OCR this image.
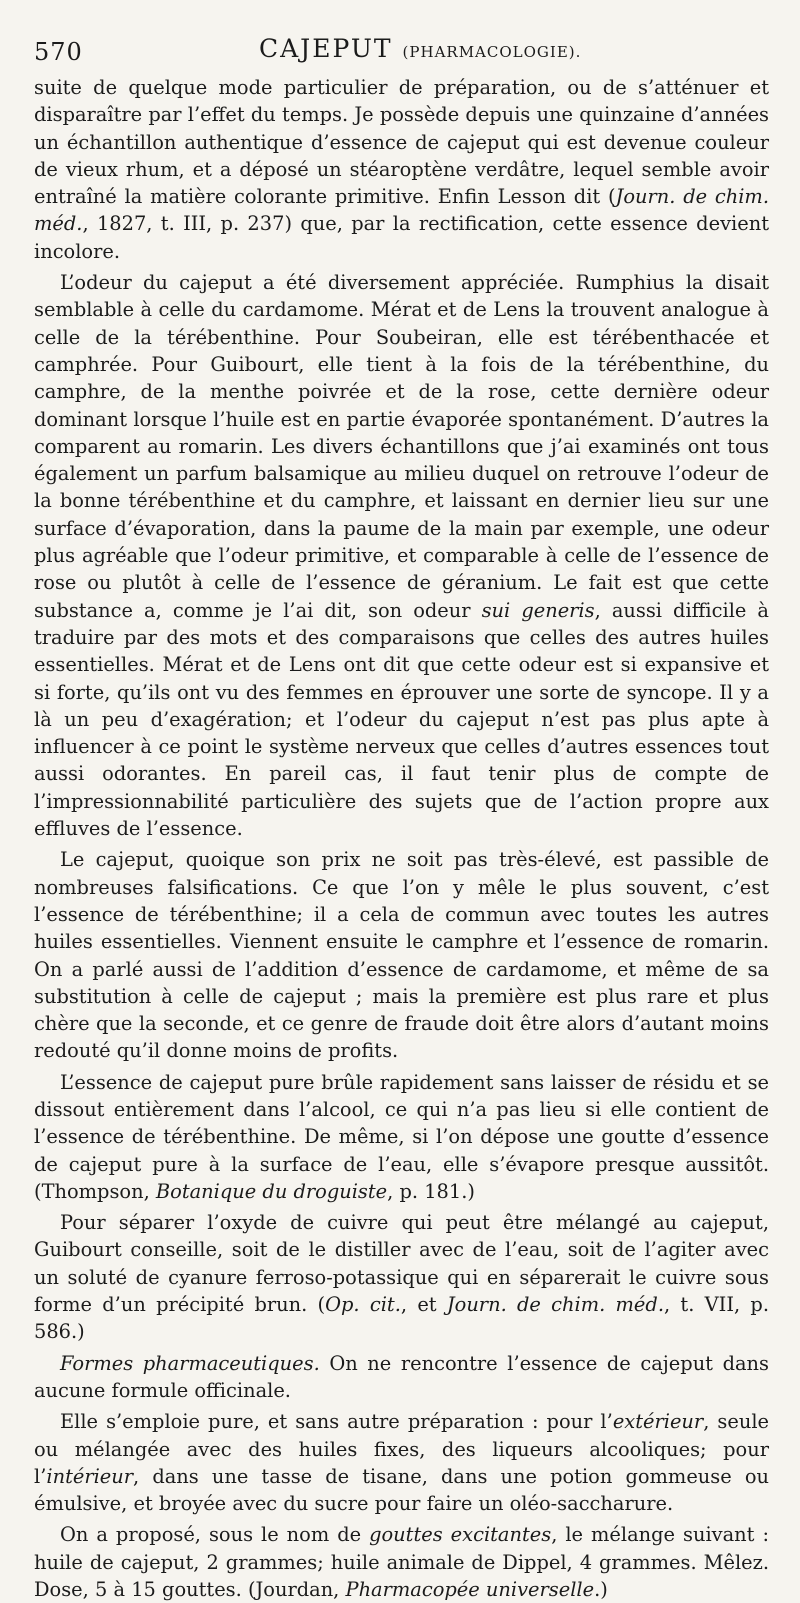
570	CAJEPUT (PHARMACOLOGIE).

suite de quelque mode particulier de préparation, ou de s’atténuer et disparaître par l’effet du temps. Je possède depuis une quinzaine d’années un échantillon authentique d’essence de cajeput qui est devenue couleur de vieux rhum, et a déposé un stéaroptène verdâtre, lequel semble avoir entraîné la matière colorante primitive. Enfin Lesson dit (Journ. de chim. méd., 1827, t. III, p. 237) que, par la rectification, cette essence devient incolore.

L’odeur du cajeput a été diversement appréciée. Rumphius la disait semblable à celle du cardamome. Mérat et de Lens la trouvent analogue à celle de la térébenthine. Pour Soubeiran, elle est térébenthacée et camphrée. Pour Guibourt, elle tient à la fois de la térébenthine, du camphre, de la menthe poivrée et de la rose, cette dernière odeur dominant lorsque l’huile est en partie évaporée spontanément. D’autres la comparent au romarin. Les divers échantillons que j’ai examinés ont tous également un parfum balsamique au milieu duquel on retrouve l’odeur de la bonne térébenthine et du camphre, et laissant en dernier lieu sur une surface d’évaporation, dans la paume de la main par exemple, une odeur plus agréable que l’odeur primitive, et comparable à celle de l’essence de rose ou plutôt à celle de l’essence de géranium. Le fait est que cette substance a, comme je l’ai dit, son odeur sui generis, aussi difficile à traduire par des mots et des comparaisons que celles des autres huiles essentielles. Mérat et de Lens ont dit que cette odeur est si expansive et si forte, qu’ils ont vu des femmes en éprouver une sorte de syncope. Il y a là un peu d’exagération; et l’odeur du cajeput n’est pas plus apte à influencer à ce point le système nerveux que celles d’autres essences tout aussi odorantes. En pareil cas, il faut tenir plus de compte de l’impressionnabilité particulière des sujets que de l’action propre aux effluves de l’essence.

Le cajeput, quoique son prix ne soit pas très-élevé, est passible de nombreuses falsifications. Ce que l’on y mêle le plus souvent, c’est l’essence de térébenthine; il a cela de commun avec toutes les autres huiles essentielles. Viennent ensuite le camphre et l’essence de romarin. On a parlé aussi de l’addition d’essence de cardamome, et même de sa substitution à celle de cajeput ; mais la première est plus rare et plus chère que la seconde, et ce genre de fraude doit être alors d’autant moins redouté qu’il donne moins de profits.

L’essence de cajeput pure brûle rapidement sans laisser de résidu et se dissout entièrement dans l’alcool, ce qui n’a pas lieu si elle contient de l’essence de térébenthine. De même, si l’on dépose une goutte d’essence de cajeput pure à la surface de l’eau, elle s’évapore presque aussitôt. (Thompson, Botanique du droguiste, p. 181.)

Pour séparer l’oxyde de cuivre qui peut être mélangé au cajeput, Guibourt conseille, soit de le distiller avec de l’eau, soit de l’agiter avec un soluté de cyanure ferroso-potassique qui en séparerait le cuivre sous forme d’un précipité brun. (Op. cit., et Journ. de chim. méd., t. VII, p. 586.)

Formes pharmaceutiques. On ne rencontre l’essence de cajeput dans aucune formule officinale.

Elle s’emploie pure, et sans autre préparation : pour l’extérieur, seule ou mélangée avec des huiles fixes, des liqueurs alcooliques; pour l’intérieur, dans une tasse de tisane, dans une potion gommeuse ou émulsive, et broyée avec du sucre pour faire un oléo-saccharure.

On a proposé, sous le nom de gouttes excitantes, le mélange suivant : huile de cajeput, 2 grammes; huile animale de Dippel, 4 grammes. Mêlez. Dose, 5 à 15 gouttes. (Jourdan, Pharmacopée universelle.)
